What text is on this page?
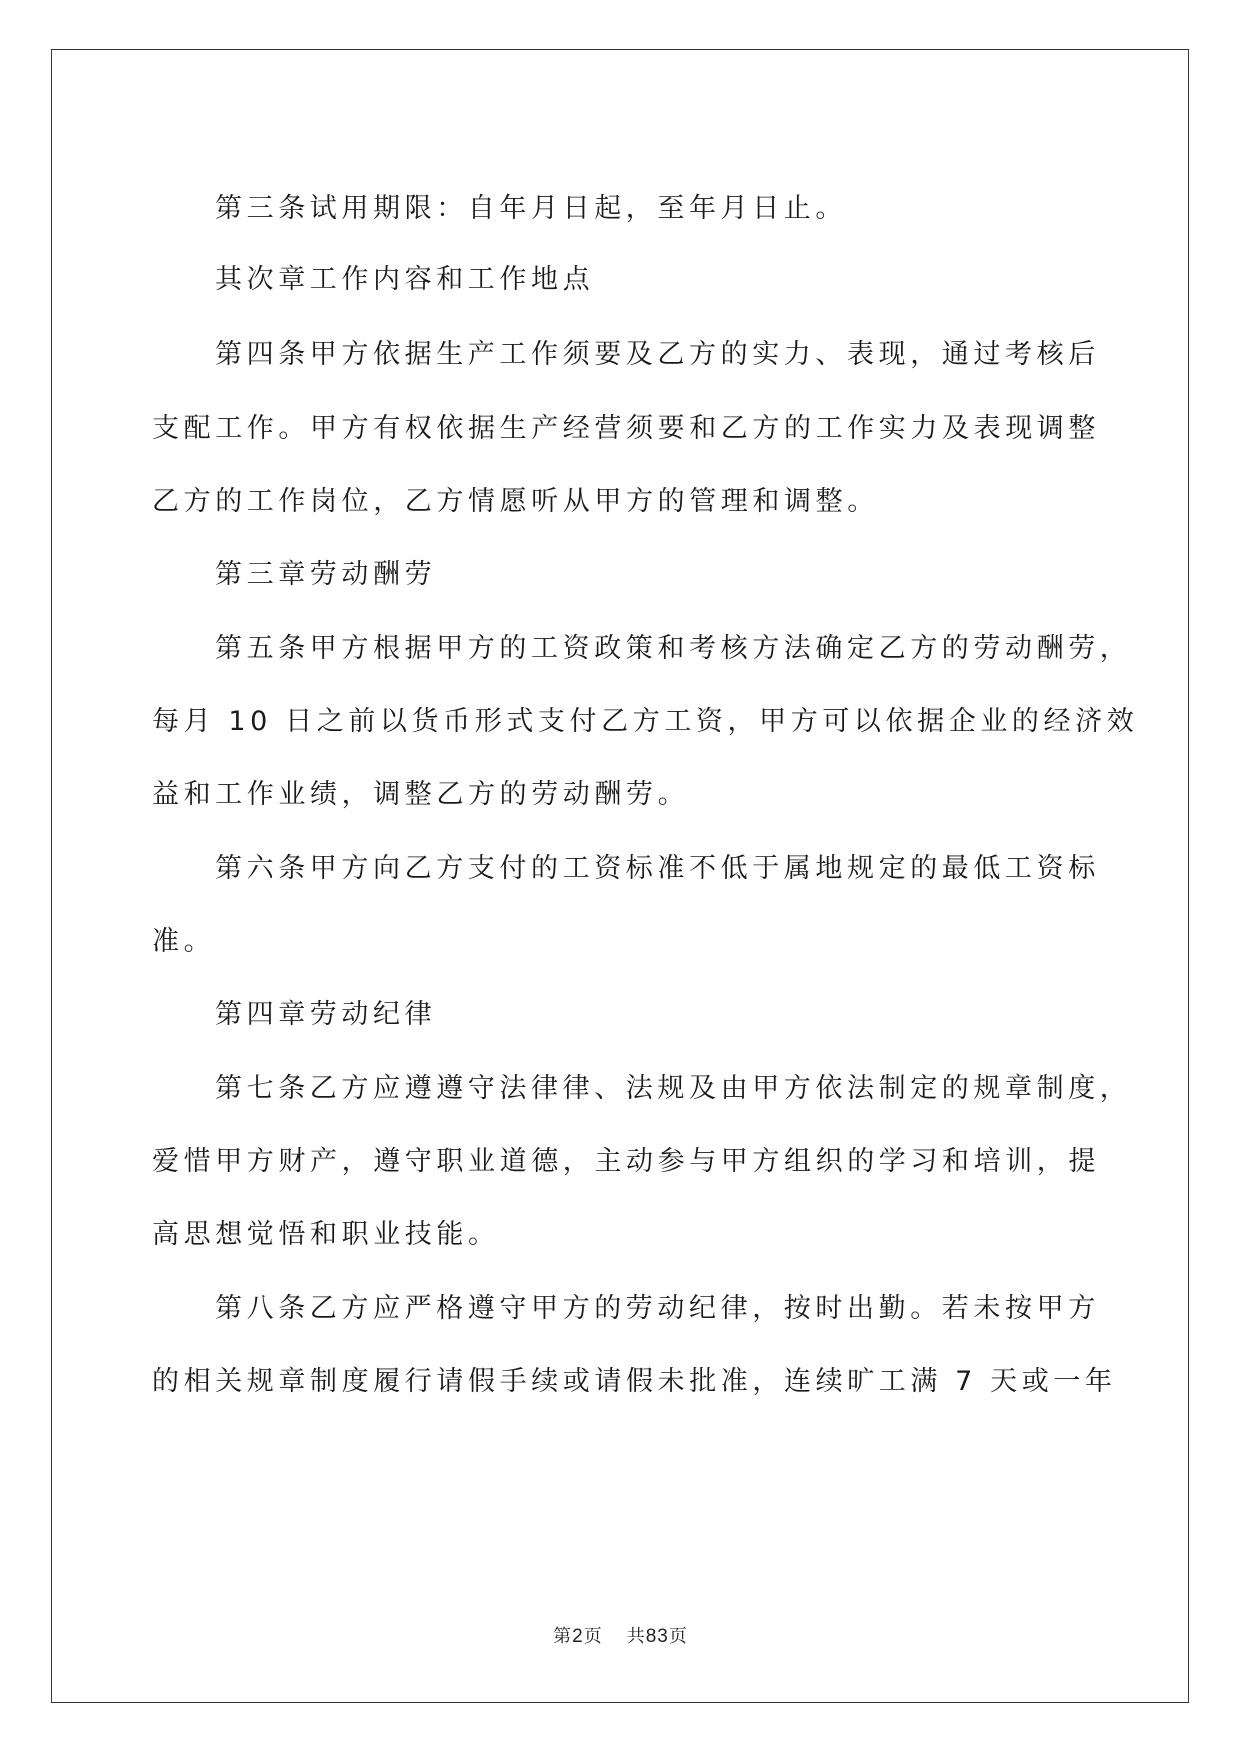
第三条试用期限：自年月日起，至年月日止。

其次章工作内容和工作地点

第四条甲方依据生产工作须要及乙方的实力、表现，通过考核后

支配工作。甲方有权依据生产经营须要和乙方的工作实力及表现调整

乙方的工作岗位，乙方情愿听从甲方的管理和调整。

第三章劳动酬劳

第五条甲方根据甲方的工资政策和考核方法确定乙方的劳动酬劳，

每月 10 日之前以货币形式支付乙方工资，甲方可以依据企业的经济效

益和工作业绩，调整乙方的劳动酬劳。

第六条甲方向乙方支付的工资标准不低于属地规定的最低工资标

准。

第四章劳动纪律

第七条乙方应遵遵守法律律、法规及由甲方依法制定的规章制度，

爱惜甲方财产，遵守职业道德，主动参与甲方组织的学习和培训，提

高思想觉悟和职业技能。

第八条乙方应严格遵守甲方的劳动纪律，按时出勤。若未按甲方

的相关规章制度履行请假手续或请假未批准，连续旷工满 7 天或一年

第2页 共83页
